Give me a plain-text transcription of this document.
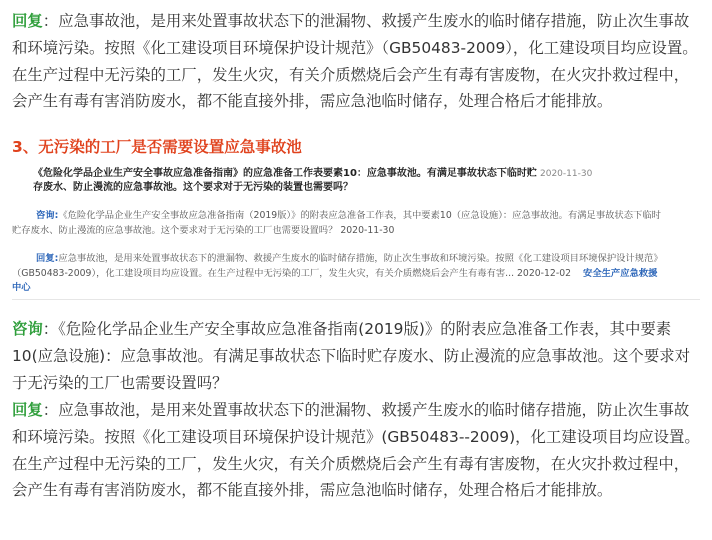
回复：应急事故池，是用来处置事故状态下的泄漏物、救援产生废水的临时储存措施，防止次生事故和环境污染。按照《化工建设项目环境保护设计规范》（GB50483-2009），化工建设项目均应设置。在生产过程中无污染的工厂，发生火灾，有关介质燃烧后会产生有毒有害废物，在火灾扑救过程中，会产生有毒有害消防废水，都不能直接外排，需应急池临时储存，处理合格后才能排放。

3、无污染的工厂是否需要设置应急事故池
《危险化学品企业生产安全事故应急准备指南》的应急准备工作表要素10：应急事故池。有满足事故状态下临时贮存废水、防止漫流的应急事故池。这个要求对于无污染的装置也需要吗？
2020-11-30
咨询:《危险化学品企业生产安全事故应急准备指南（2019版）》的附表应急准备工作表，其中要素10（应急设施）：应急事故池。有满足事故状态下临时贮存废水、防止漫流的应急事故池。这个要求对于无污染的工厂也需要设置吗？ 2020-11-30
回复:应急事故池，是用来处置事故状态下的泄漏物、救援产生废水的临时储存措施，防止次生事故和环境污染。按照《化工建设项目环境保护设计规范》（GB50483-2009），化工建设项目均应设置。在生产过程中无污染的工厂，发生火灾，有关介质燃烧后会产生有毒有害... 2020-12-02 安全生产应急救援中心

咨询：《危险化学品企业生产安全事故应急准备指南(2019版)》的附表应急准备工作表，其中要素10(应急设施)：应急事故池。有满足事故状态下临时贮存废水、防止漫流的应急事故池。这个要求对于无污染的工厂也需要设置吗？

回复：应急事故池，是用来处置事故状态下的泄漏物、救援产生废水的临时储存措施，防止次生事故和环境污染。按照《化工建设项目环境保护设计规范》(GB50483--2009)，化工建设项目均应设置。在生产过程中无污染的工厂，发生火灾，有关介质燃烧后会产生有毒有害废物，在火灾扑救过程中，会产生有毒有害消防废水，都不能直接外排，需应急池临时储存，处理合格后才能排放。
